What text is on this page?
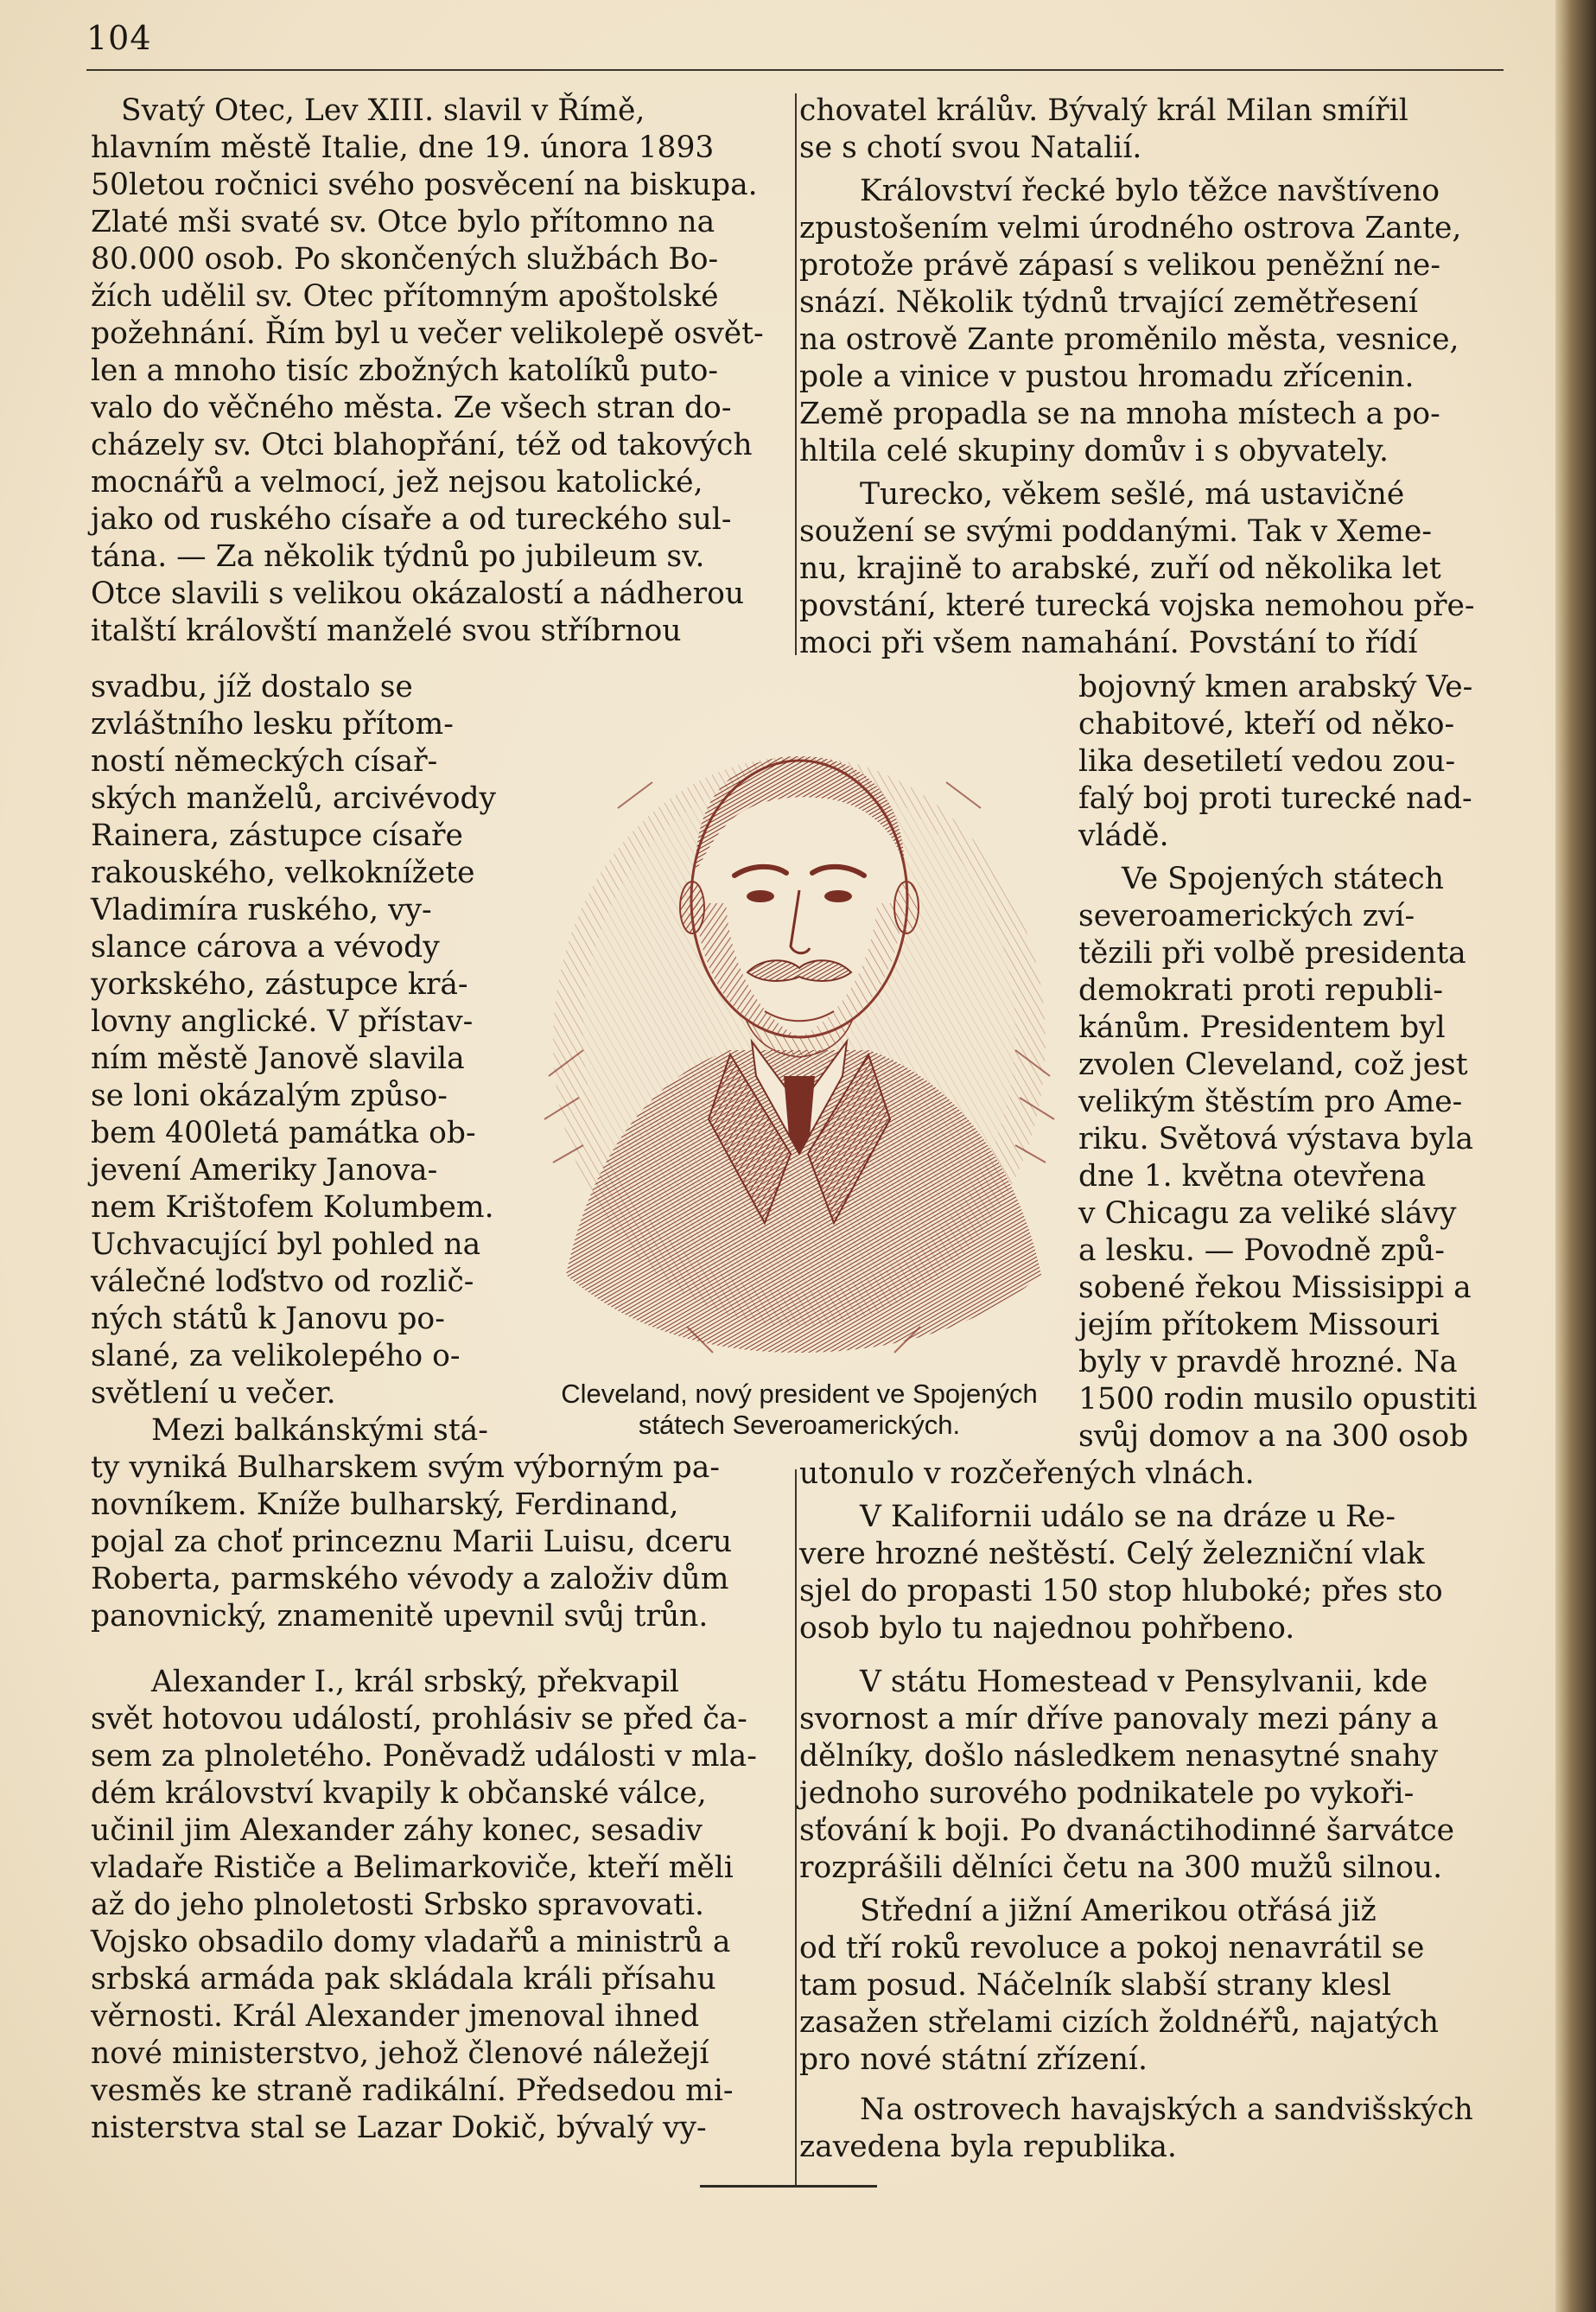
104
Cleveland, nový president ve Spojených
státech Severoamerických.

Svatý Otec, Lev XIII. slavil v Římě,

hlavním městě Italie, dne 19. února 1893

50letou ročnici svého posvěcení na biskupa.

Zlaté mši svaté sv. Otce bylo přítomno na

80.000 osob. Po skončených službách Bo-

žích udělil sv. Otec přítomným apoštolské

požehnání. Řím byl u večer velikolepě osvět-

len a mnoho tisíc zbožných katolíků puto-

valo do věčného města. Ze všech stran do-

cházely sv. Otci blahopřání, též od takových

mocnářů a velmocí, jež nejsou katolické,

jako od ruského císaře a od tureckého sul-

tána. — Za několik týdnů po jubileum sv.

Otce slavili s velikou okázalostí a nádherou

italští královští manželé svou stříbrnou

svadbu, jíž dostalo se

zvláštního lesku přítom-

ností německých císař-

ských manželů, arcivévody

Rainera, zástupce císaře

rakouského, velkoknížete

Vladimíra ruského, vy-

slance cárova a vévody

yorkského, zástupce krá-

lovny anglické. V přístav-

ním městě Janově slavila

se loni okázalým způso-

bem 400letá památka ob-

jevení Ameriky Janova-

nem Krištofem Kolumbem.

Uchvacující byl pohled na

válečné loďstvo od rozlič-

ných států k Janovu po-

slané, za velikolepého o-

světlení u večer.

Mezi balkánskými stá-

ty vyniká Bulharskem svým výborným pa-

novníkem. Kníže bulharský, Ferdinand,

pojal za choť princeznu Marii Luisu, dceru

Roberta, parmského vévody a založiv dům

panovnický, znamenitě upevnil svůj trůn.

Alexander I., král srbský, překvapil

svět hotovou událostí, prohlásiv se před ča-

sem za plnoletého. Poněvadž události v mla-

dém království kvapily k občanské válce,

učinil jim Alexander záhy konec, sesadiv

vladaře Rističe a Belimarkoviče, kteří měli

až do jeho plnoletosti Srbsko spravovati.

Vojsko obsadilo domy vladařů a ministrů a

srbská armáda pak skládala králi přísahu

věrnosti. Král Alexander jmenoval ihned

nové ministerstvo, jehož členové náležejí

vesměs ke straně radikální. Předsedou mi-

nisterstva stal se Lazar Dokič, bývalý vy-

chovatel králův. Bývalý král Milan smířil

se s chotí svou Natalií.

Království řecké bylo těžce navštíveno

zpustošením velmi úrodného ostrova Zante,

protože právě zápasí s velikou peněžní ne-

snází. Několik týdnů trvající zemětřesení

na ostrově Zante proměnilo města, vesnice,

pole a vinice v pustou hromadu zřícenin.

Země propadla se na mnoha místech a po-

hltila celé skupiny domův i s obyvately.

Turecko, věkem sešlé, má ustavičné

soužení se svými poddanými. Tak v Xeme-

nu, krajině to arabské, zuří od několika let

povstání, které turecká vojska nemohou pře-

moci při všem namahání. Povstání to řídí

bojovný kmen arabský Ve-

chabitové, kteří od něko-

lika desetiletí vedou zou-

falý boj proti turecké nad-

vládě.

Ve Spojených státech

severoamerických zví-

tězili při volbě presidenta

demokrati proti republi-

kánům. Presidentem byl

zvolen Cleveland, což jest

velikým štěstím pro Ame-

riku. Světová výstava byla

dne 1. května otevřena

v Chicagu za veliké slávy

a lesku. — Povodně způ-

sobené řekou Missisippi a

jejím přítokem Missouri

byly v pravdě hrozné. Na

1500 rodin musilo opustiti

svůj domov a na 300 osob

utonulo v rozčeřených vlnách.

V Kalifornii událo se na dráze u Re-

vere hrozné neštěstí. Celý železniční vlak

sjel do propasti 150 stop hluboké; přes sto

osob bylo tu najednou pohřbeno.

V státu Homestead v Pensylvanii, kde

svornost a mír dříve panovaly mezi pány a

dělníky, došlo následkem nenasytné snahy

jednoho surového podnikatele po vykoři-

sťování k boji. Po dvanáctihodinné šarvátce

rozprášili dělníci četu na 300 mužů silnou.

Střední a jižní Amerikou otřásá již

od tří roků revoluce a pokoj nenavrátil se

tam posud. Náčelník slabší strany klesl

zasažen střelami cizích žoldnéřů, najatých

pro nové státní zřízení.

Na ostrovech havajských a sandvišských

zavedena byla republika.
